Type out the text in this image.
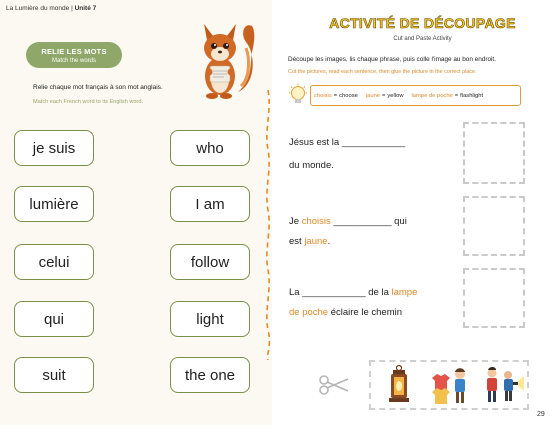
La Lumière du monde | Unité 7
RELIE LES MOTS
Match the words
Relie chaque mot français à son mot anglais.
Match each French word to its English word.
je suis
lumière
celui
qui
suit
who
I am
follow
light
the one
ACTIVITÉ DE DÉCOUPAGE
Cut and Paste Activity
Découpe les images, lis chaque phrase, puis colle l'image au bon endroit.
Cut the pictures, read each sentence, then glue the picture in the correct place.
choisis = choose jaune = yellow lampe de poche = flashlight
Jésus est la ____________
du monde.
Je choisis ___________ qui
est jaune.
La ____________ de la lampe
de poche éclaire le chemin
29
